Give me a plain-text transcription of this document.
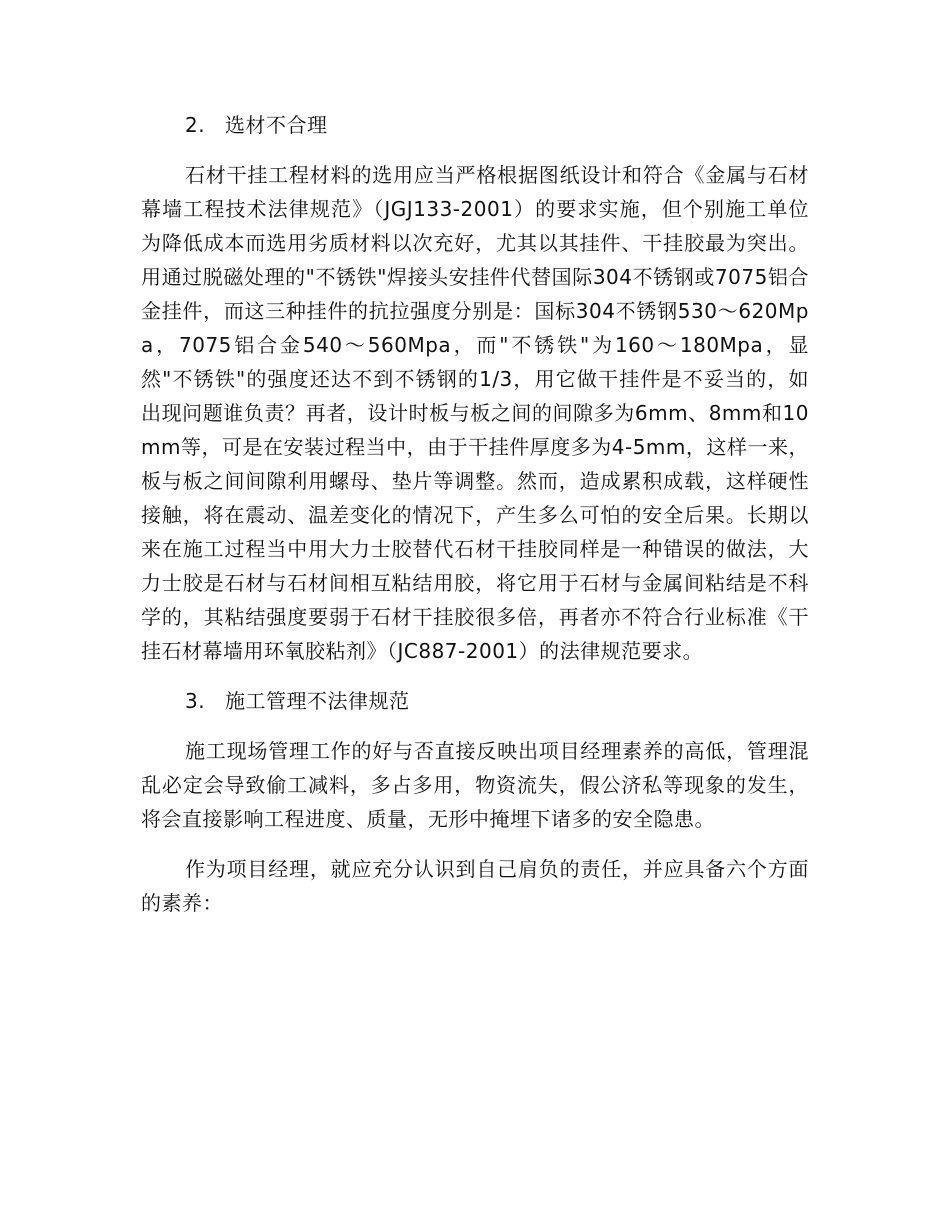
2. 选材不合理

石材干挂工程材料的选用应当严格根据图纸设计和符合《金属与石材幕墙工程技术法律规范》（JGJ133-2001）的要求实施，但个别施工单位为降低成本而选用劣质材料以次充好，尤其以其挂件、干挂胶最为突出。用通过脱磁处理的"不锈铁"焊接头安挂件代替国际304不锈钢或7075铝合金挂件，而这三种挂件的抗拉强度分别是：国标304不锈钢530～620Mpa，7075铝合金540～560Mpa，而"不锈铁"为160～180Mpa，显然"不锈铁"的强度还达不到不锈钢的1/3，用它做干挂件是不妥当的，如出现问题谁负责？再者，设计时板与板之间的间隙多为6mm、8mm和10mm等，可是在安装过程当中，由于干挂件厚度多为4-5mm，这样一来，板与板之间间隙利用螺母、垫片等调整。然而，造成累积成载，这样硬性接触，将在震动、温差变化的情况下，产生多么可怕的安全后果。长期以来在施工过程当中用大力士胶替代石材干挂胶同样是一种错误的做法，大力士胶是石材与石材间相互粘结用胶，将它用于石材与金属间粘结是不科学的，其粘结强度要弱于石材干挂胶很多倍，再者亦不符合行业标准《干挂石材幕墙用环氧胶粘剂》（JC887-2001）的法律规范要求。

3. 施工管理不法律规范

施工现场管理工作的好与否直接反映出项目经理素养的高低，管理混乱必定会导致偷工减料，多占多用，物资流失，假公济私等现象的发生，将会直接影响工程进度、质量，无形中掩埋下诸多的安全隐患。

作为项目经理，就应充分认识到自己肩负的责任，并应具备六个方面的素养：
